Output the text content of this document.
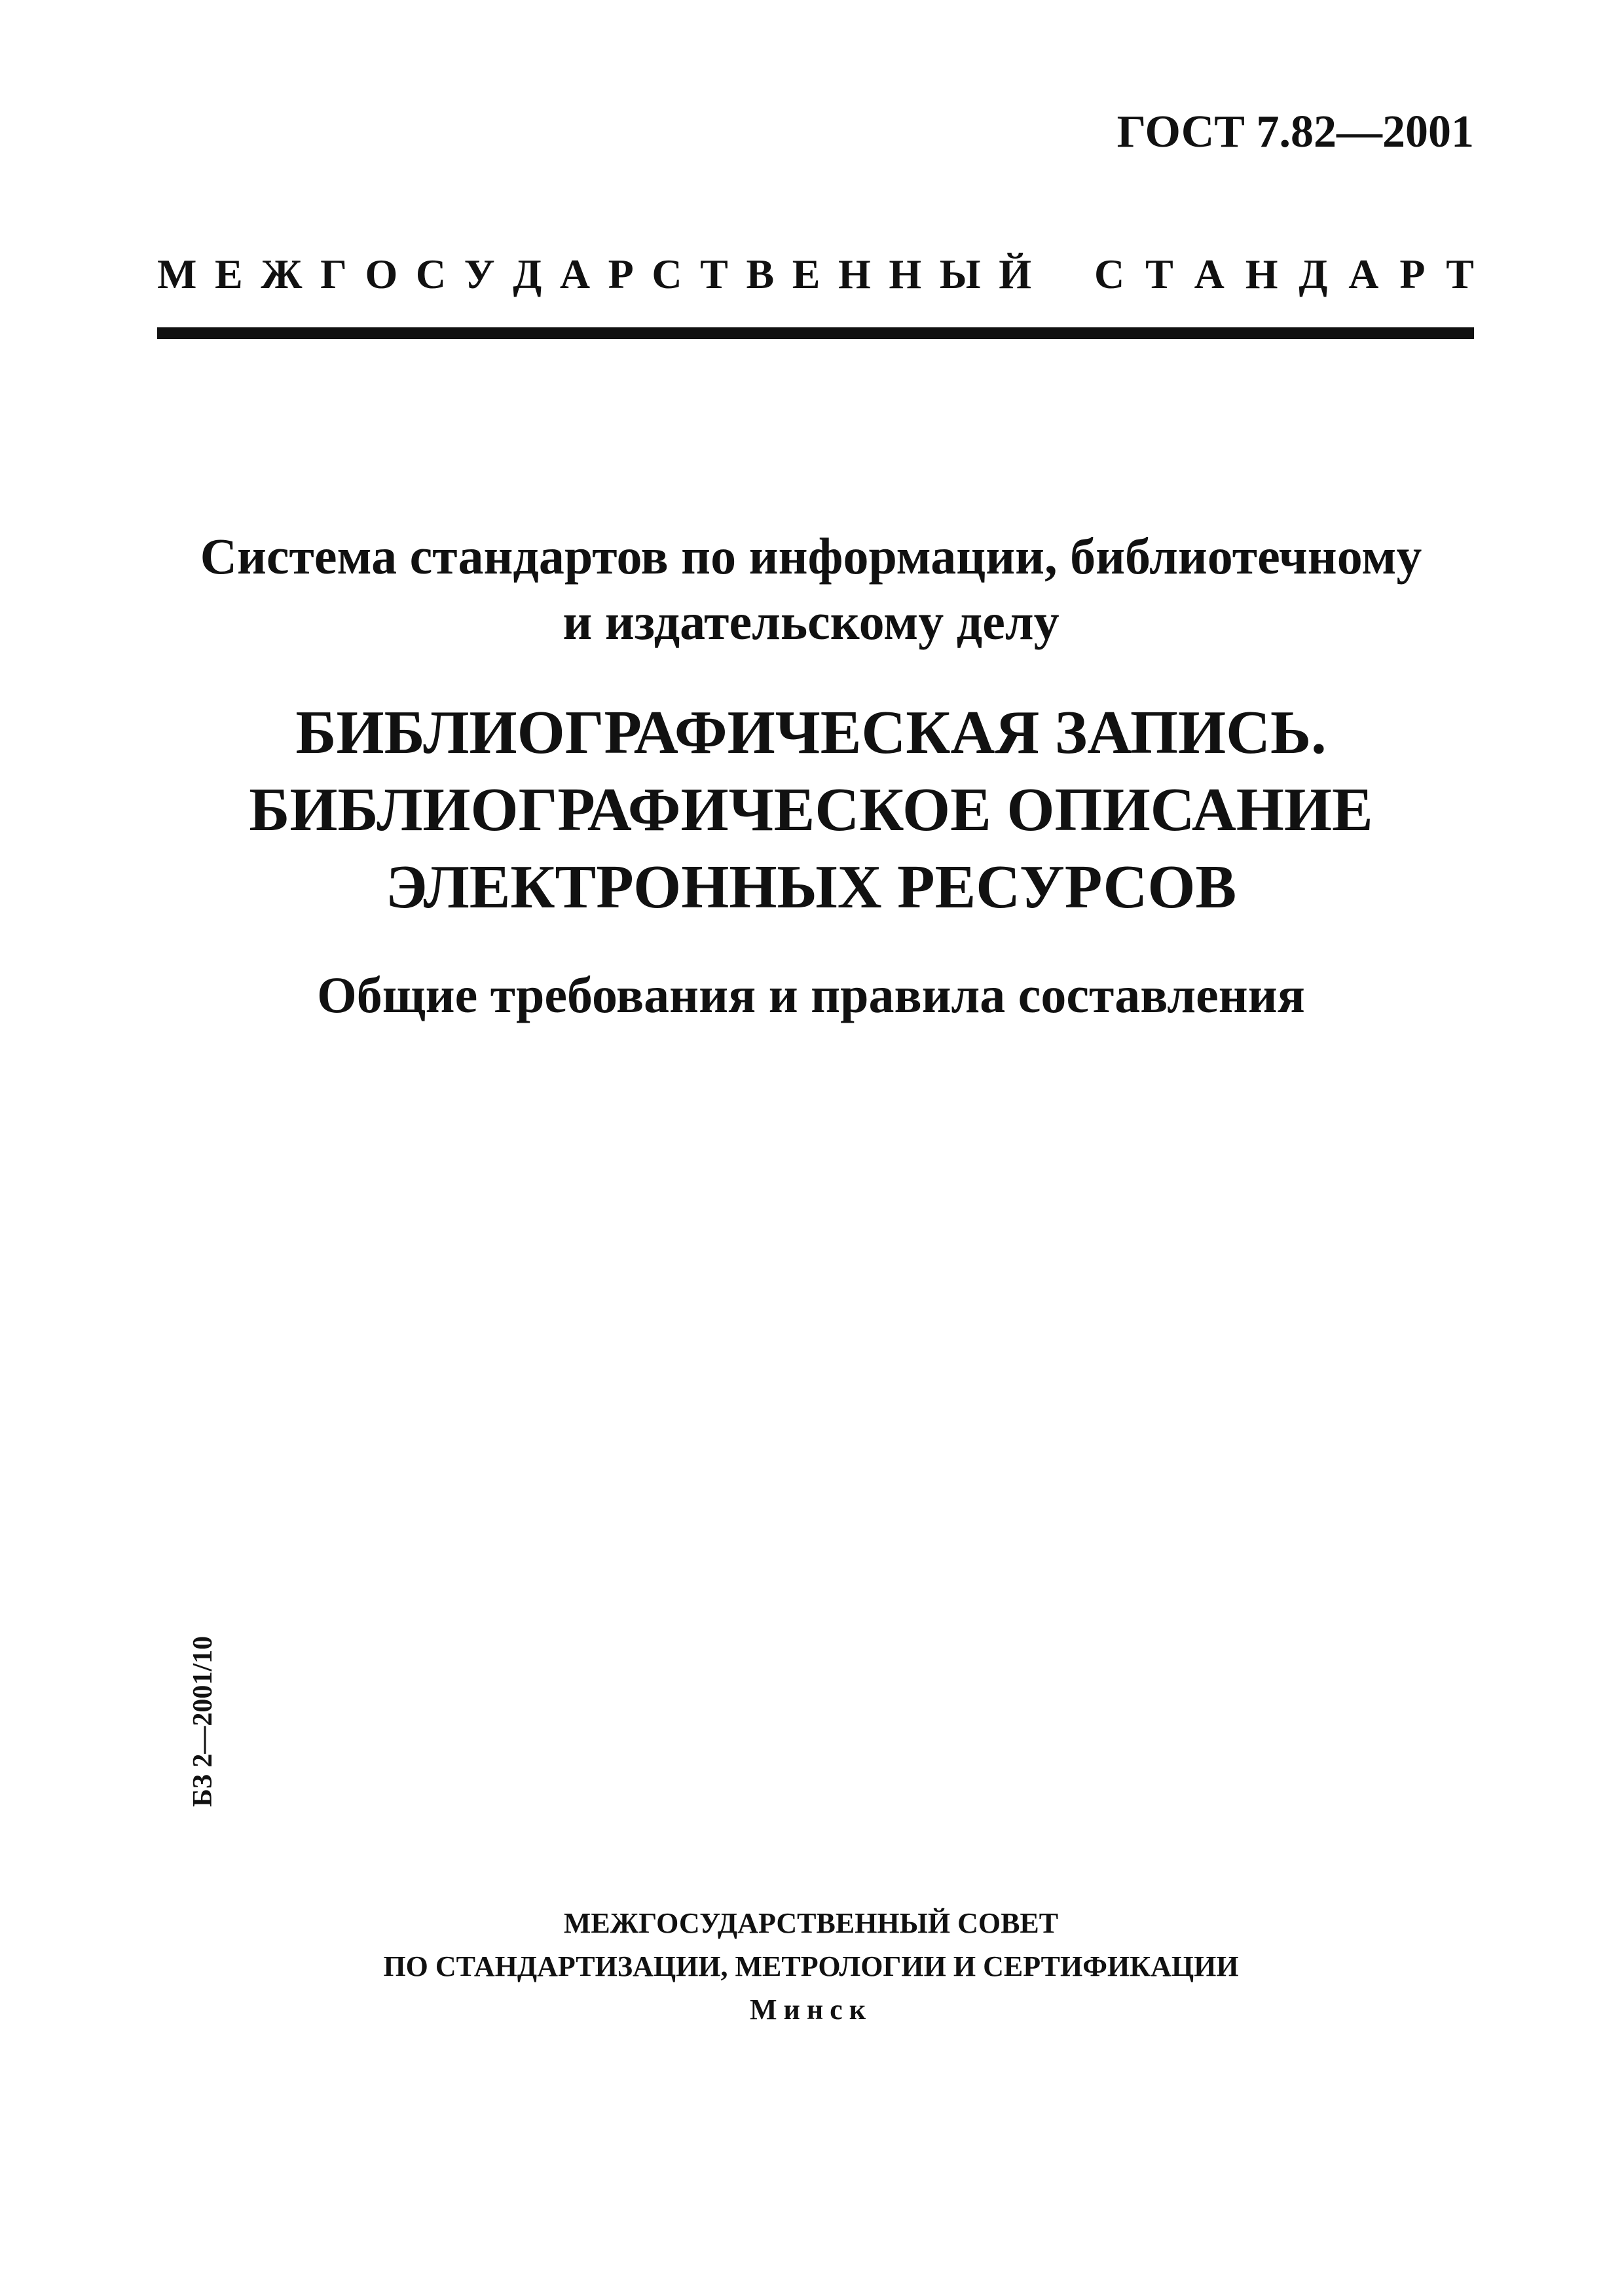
ГОСТ 7.82—2001
М Е Ж Г О С У Д А Р С Т В Е Н Н Ы Й С Т А Н Д А Р Т
Система стандартов по информации, библиотечному
и издательскому делу
БИБЛИОГРАФИЧЕСКАЯ ЗАПИСЬ.
БИБЛИОГРАФИЧЕСКОЕ ОПИСАНИЕ
ЭЛЕКТРОННЫХ РЕСУРСОВ
Общие требования и правила составления
БЗ 2—2001/10
МЕЖГОСУДАРСТВЕННЫЙ СОВЕТ
ПО СТАНДАРТИЗАЦИИ, МЕТРОЛОГИИ И СЕРТИФИКАЦИИ
Минск
